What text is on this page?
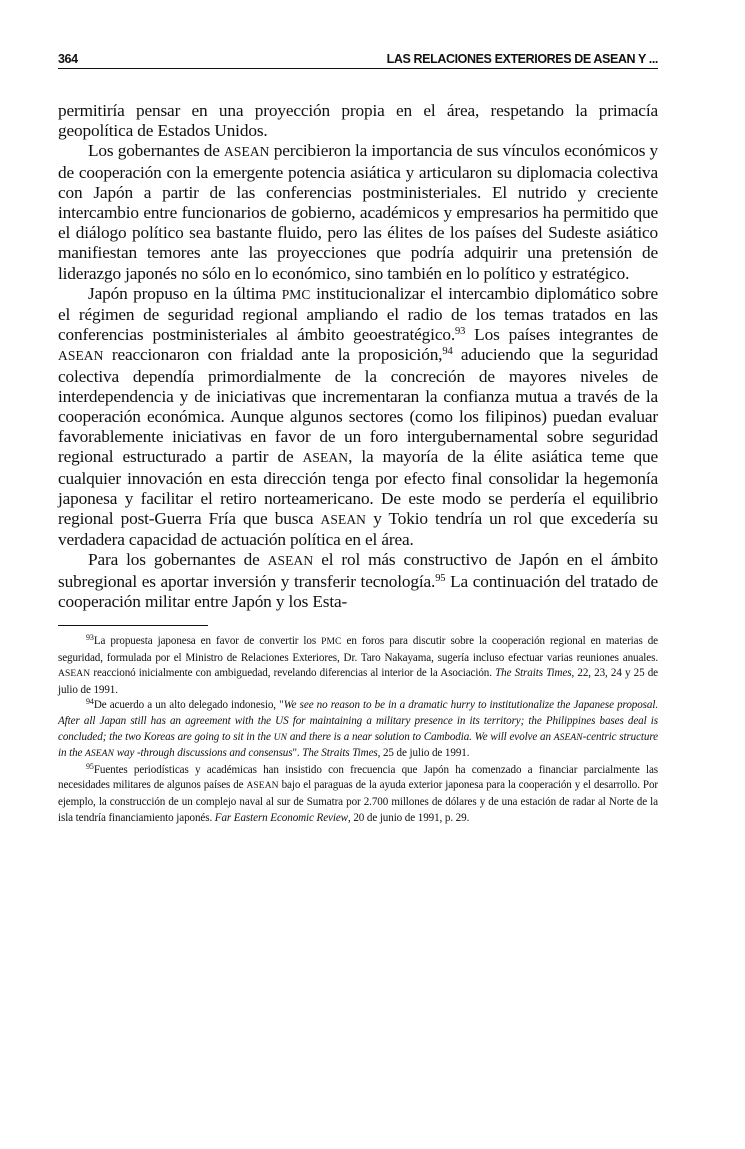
364	LAS RELACIONES EXTERIORES DE ASEAN Y ...

permitiría pensar en una proyección propia en el área, respetando la primacía geopolítica de Estados Unidos.

Los gobernantes de ASEAN percibieron la importancia de sus vínculos económicos y de cooperación con la emergente potencia asiática y articularon su diplomacia colectiva con Japón a partir de las conferencias postministeriales. El nutrido y creciente intercambio entre funcionarios de gobierno, académicos y empresarios ha permitido que el diálogo político sea bastante fluido, pero las élites de los países del Sudeste asiático manifiestan temores ante las proyecciones que podría adquirir una pretensión de liderazgo japonés no sólo en lo económico, sino también en lo político y estratégico.

Japón propuso en la última PMC institucionalizar el intercambio diplomático sobre el régimen de seguridad regional ampliando el radio de los temas tratados en las conferencias postministeriales al ámbito geoestratégico.$^{93}$ Los países integrantes de ASEAN reaccionaron con frialdad ante la proposición,$^{94}$ aduciendo que la seguridad colectiva dependía primordialmente de la concreción de mayores niveles de interdependencia y de iniciativas que incrementaran la confianza mutua a través de la cooperación económica. Aunque algunos sectores (como los filipinos) puedan evaluar favorablemente iniciativas en favor de un foro intergubernamental sobre seguridad regional estructurado a partir de ASEAN, la mayoría de la élite asiática teme que cualquier innovación en esta dirección tenga por efecto final consolidar la hegemonía japonesa y facilitar el retiro norteamericano. De este modo se perdería el equilibrio regional post-Guerra Fría que busca ASEAN y Tokio tendría un rol que excedería su verdadera capacidad de actuación política en el área.

Para los gobernantes de ASEAN el rol más constructivo de Japón en el ámbito subregional es aportar inversión y transferir tecnología.$^{95}$ La continuación del tratado de cooperación militar entre Japón y los Esta-

$^{93}$La propuesta japonesa en favor de convertir los PMC en foros para discutir sobre la cooperación regional en materias de seguridad, formulada por el Ministro de Relaciones Exteriores, Dr. Taro Nakayama, sugería incluso efectuar varias reuniones anuales. ASEAN reaccionó inicialmente con ambiguedad, revelando diferencias al interior de la Asociación. The Straits Times, 22, 23, 24 y 25 de julio de 1991.

$^{94}$De acuerdo a un alto delegado indonesio, "We see no reason to be in a dramatic hurry to institutionalize the Japanese proposal. After all Japan still has an agreement with the US for maintaining a military presence in its territory; the Philippines bases deal is concluded; the two Koreas are going to sit in the UN and there is a near solution to Cambodia. We will evolve an ASEAN-centric structure in the ASEAN way -through discussions and consensus". The Straits Times, 25 de julio de 1991.

$^{95}$Fuentes periodísticas y académicas han insistido con frecuencia que Japón ha comenzado a financiar parcialmente las necesidades militares de algunos países de ASEAN bajo el paraguas de la ayuda exterior japonesa para la cooperación y el desarrollo. Por ejemplo, la construcción de un complejo naval al sur de Sumatra por 2.700 millones de dólares y de una estación de radar al Norte de la isla tendría financiamiento japonés. Far Eastern Economic Review, 20 de junio de 1991, p. 29.
